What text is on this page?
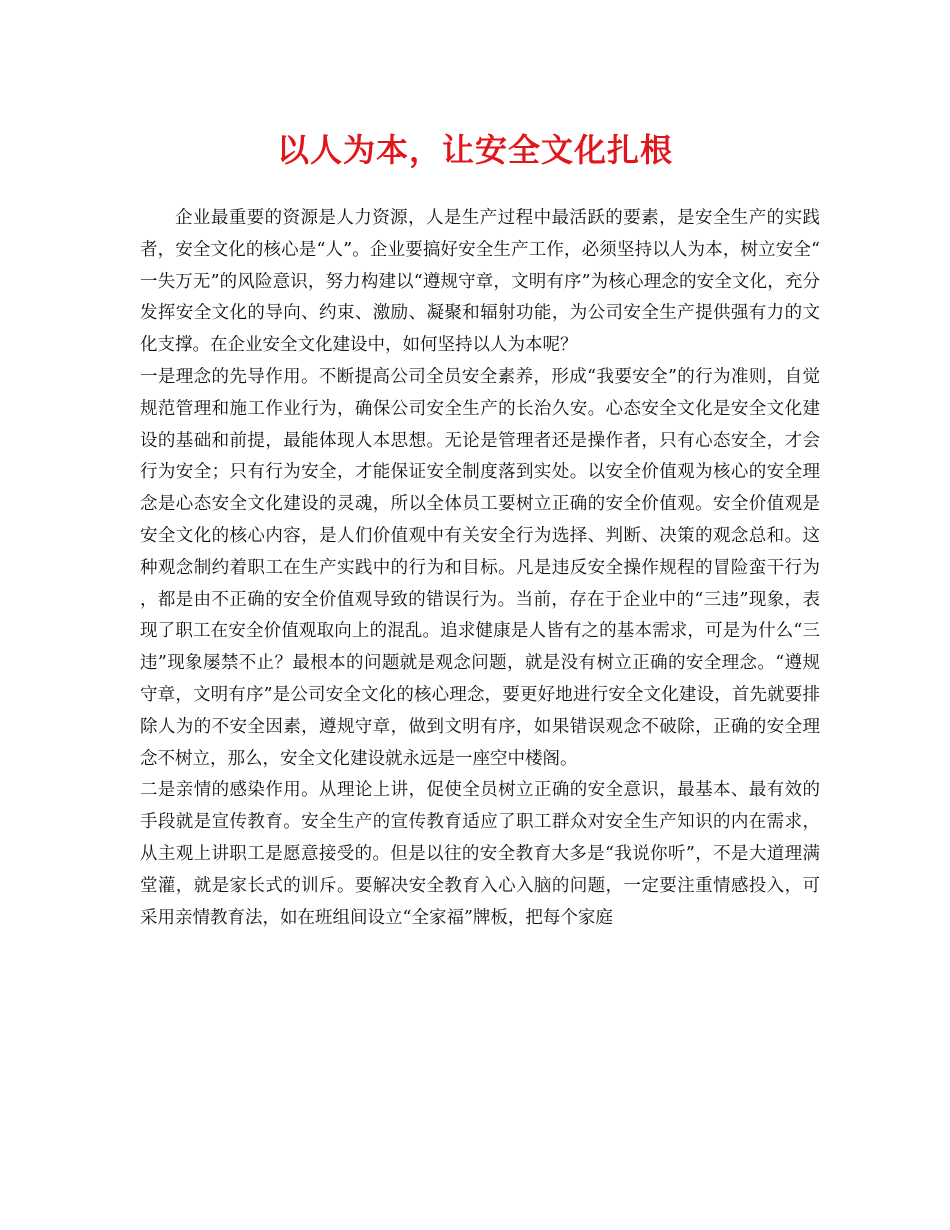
以人为本，让安全文化扎根

企业最重要的资源是人力资源，人是生产过程中最活跃的要素，是安全生产的实践者，安全文化的核心是“人”。企业要搞好安全生产工作，必须坚持以人为本，树立安全“一失万无”的风险意识，努力构建以“遵规守章，文明有序”为核心理念的安全文化，充分发挥安全文化的导向、约束、激励、凝聚和辐射功能，为公司安全生产提供强有力的文化支撑。在企业安全文化建设中，如何坚持以人为本呢？

一是理念的先导作用。不断提高公司全员安全素养，形成“我要安全”的行为准则，自觉规范管理和施工作业行为，确保公司安全生产的长治久安。心态安全文化是安全文化建设的基础和前提，最能体现人本思想。无论是管理者还是操作者，只有心态安全，才会行为安全；只有行为安全，才能保证安全制度落到实处。以安全价值观为核心的安全理念是心态安全文化建设的灵魂，所以全体员工要树立正确的安全价值观。安全价值观是安全文化的核心内容，是人们价值观中有关安全行为选择、判断、决策的观念总和。这种观念制约着职工在生产实践中的行为和目标。凡是违反安全操作规程的冒险蛮干行为，都是由不正确的安全价值观导致的错误行为。当前，存在于企业中的“三违”现象，表现了职工在安全价值观取向上的混乱。追求健康是人皆有之的基本需求，可是为什么“三违”现象屡禁不止？最根本的问题就是观念问题，就是没有树立正确的安全理念。“遵规守章，文明有序”是公司安全文化的核心理念，要更好地进行安全文化建设，首先就要排除人为的不安全因素，遵规守章，做到文明有序，如果错误观念不破除，正确的安全理念不树立，那么，安全文化建设就永远是一座空中楼阁。

二是亲情的感染作用。从理论上讲，促使全员树立正确的安全意识，最基本、最有效的手段就是宣传教育。安全生产的宣传教育适应了职工群众对安全生产知识的内在需求，从主观上讲职工是愿意接受的。但是以往的安全教育大多是“我说你听”，不是大道理满堂灌，就是家长式的训斥。要解决安全教育入心入脑的问题，一定要注重情感投入，可采用亲情教育法，如在班组间设立“全家福”牌板，把每个家庭
